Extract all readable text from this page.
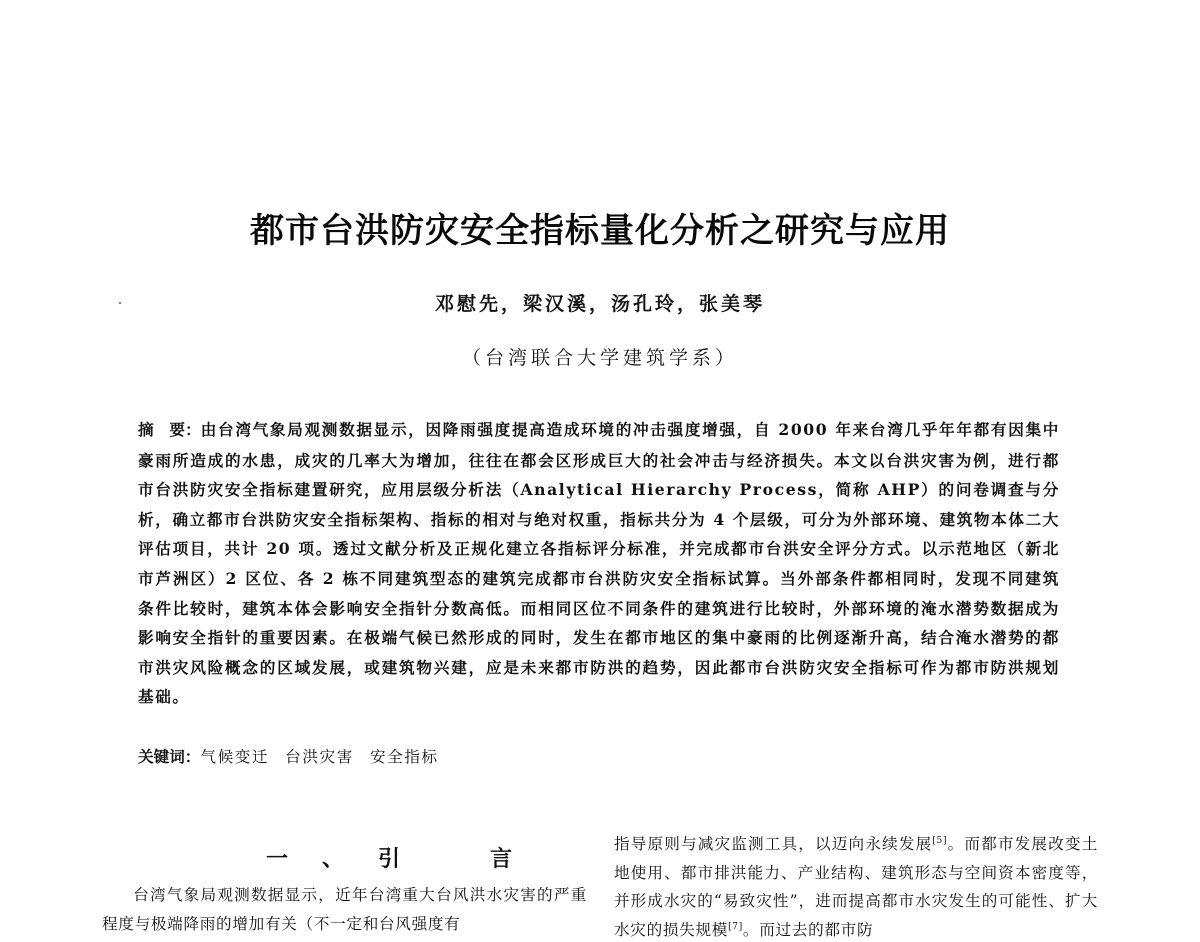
都市台洪防灾安全指标量化分析之研究与应用
邓慰先，梁汉溪，汤孔玲，张美琴
（台湾联合大学建筑学系）
摘　要：由台湾气象局观测数据显示，因降雨强度提高造成环境的冲击强度增强，自 2000 年来台湾几乎年年都有因集中豪雨所造成的水患，成灾的几率大为增加，往往在都会区形成巨大的社会冲击与经济损失。本文以台洪灾害为例，进行都市台洪防灾安全指标建置研究，应用层级分析法（Analytical Hierarchy Process，简称 AHP）的问卷调查与分析，确立都市台洪防灾安全指标架构、指标的相对与绝对权重，指标共分为 4 个层级，可分为外部环境、建筑物本体二大评估项目，共计 20 项。透过文献分析及正规化建立各指标评分标准，并完成都市台洪安全评分方式。以示范地区（新北市芦洲区）2 区位、各 2 栋不同建筑型态的建筑完成都市台洪防灾安全指标试算。当外部条件都相同时，发现不同建筑条件比较时，建筑本体会影响安全指针分数高低。而相同区位不同条件的建筑进行比较时，外部环境的淹水潜势数据成为影响安全指针的重要因素。在极端气候已然形成的同时，发生在都市地区的集中豪雨的比例逐渐升高，结合淹水潜势的都市洪灾风险概念的区域发展，或建筑物兴建，应是未来都市防洪的趋势，因此都市台洪防灾安全指标可作为都市防洪规划基础。
关键词：气候变迁 台洪灾害 安全指标
一、引　言
台湾气象局观测数据显示，近年台湾重大台风洪水灾害的严重程度与极端降雨的增加有关（不一定和台风强度有
指导原则与减灾监测工具，以迈向永续发展[5]。而都市发展改变土地使用、都市排洪能力、产业结构、建筑形态与空间资本密度等，并形成水灾的“易致灾性”，进而提高都市水灾发生的可能性、扩大水灾的损失规模[7]。而过去的都市防
